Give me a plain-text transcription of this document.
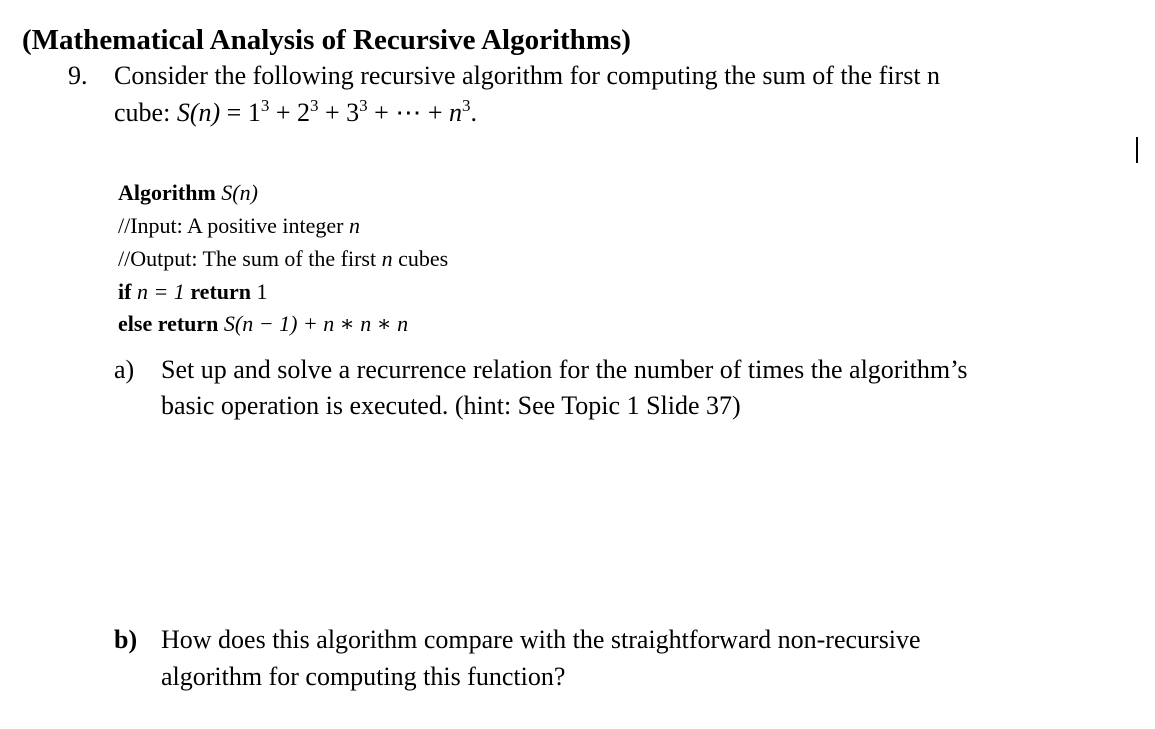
(Mathematical Analysis of Recursive Algorithms)
9. Consider the following recursive algorithm for computing the sum of the first n
cube: $S(n) = 1^3 + 2^3 + 3^3$ + ⋯ + $n^3$.
Algorithm S(n)
//Input: A positive integer n
//Output: The sum of the first n cubes
if n = 1 return 1
else return S(n − 1) + n ∗ n ∗ n
a) Set up and solve a recurrence relation for the number of times the algorithm’s
basic operation is executed. (hint: See Topic 1 Slide 37)
b) How does this algorithm compare with the straightforward non-recursive
algorithm for computing this function?
